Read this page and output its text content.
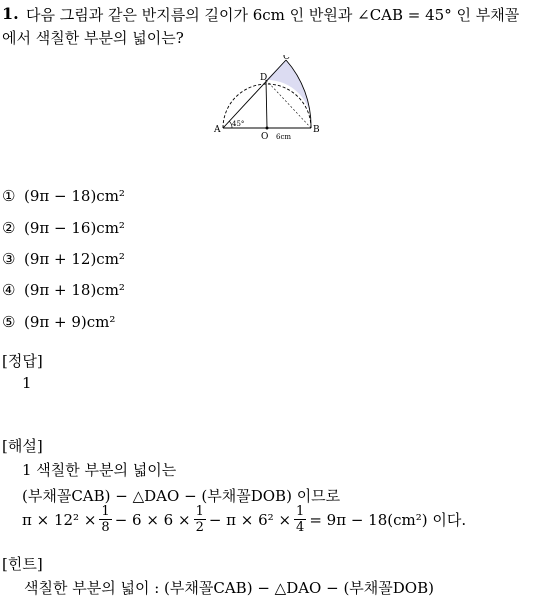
1. 다음 그림과 같은 반지름의 길이가 6cm 인 반원과 ∠CAB = 45° 인 부채꼴
에서 색칠한 부분의 넓이는?
C
D
A	B
O
45°
6cm
① (9π − 18)cm²
② (9π − 16)cm²
③ (9π + 12)cm²
④ (9π + 18)cm²
⑤ (9π + 9)cm²
[정답]
1
[해설]
1 색칠한 부분의 넓이는
(부채꼴CAB) − △DAO − (부채꼴DOB) 이므로
$\pi \times 12^2 \times \frac{1}{8} - 6 \times 6 \times \frac{1}{2} - \pi \times 6^2 \times \frac{1}{4} = 9\pi - 18(cm^2)$ 이다.
[힌트]
색칠한 부분의 넓이 : (부채꼴CAB) − △DAO − (부채꼴DOB)
